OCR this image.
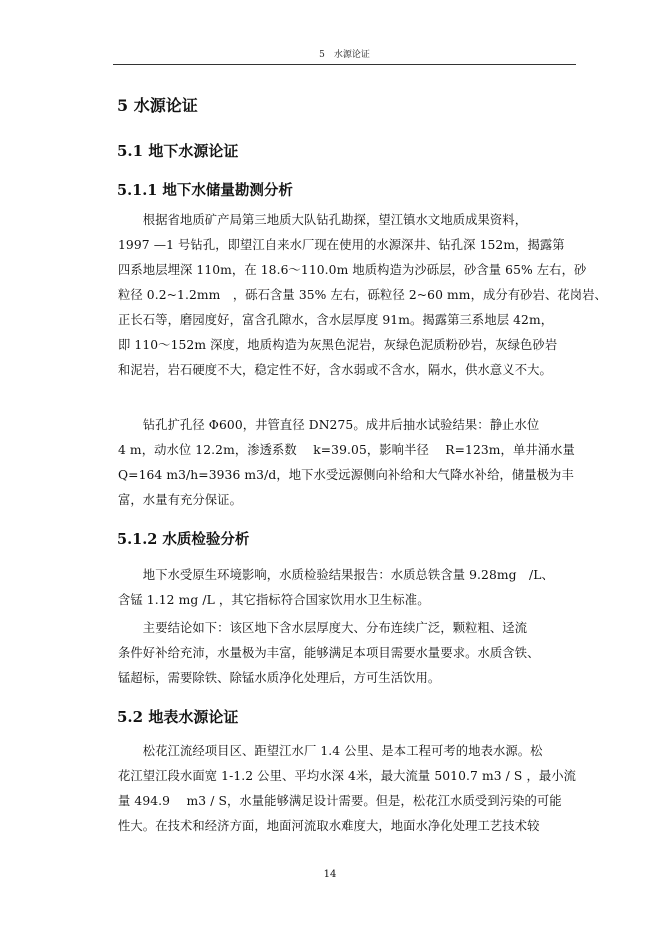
5　水源论证
5 水源论证
5.1 地下水源论证
5.1.1 地下水储量勘测分析
　　根据省地质矿产局第三地质大队钻孔勘探，望江镇水文地质成果资料，
1997 —1 号钻孔，即望江自来水厂现在使用的水源深井、钻孔深 152m，揭露第
四系地层埋深 110m，在 18.6～110.0m 地质构造为沙砾层，砂含量 65% 左右，砂
粒径 0.2~1.2mm　，砾石含量 35% 左右，砾粒径 2~60 mm，成分有砂岩、花岗岩、
正长石等，磨园度好，富含孔隙水，含水层厚度 91m。揭露第三系地层 42m，
即 110～152m 深度，地质构造为灰黑色泥岩，灰绿色泥质粉砂岩，灰绿色砂岩
和泥岩，岩石硬度不大，稳定性不好，含水弱或不含水，隔水，供水意义不大。
　　钻孔扩孔径 Φ600，井管直径 DN275。成井后抽水试验结果：静止水位
4 m，动水位 12.2m，渗透系数　 k=39.05，影响半径　 R=123m，单井涌水量
Q=164 m3/h=3936 m3/d，地下水受远源侧向补给和大气降水补给，储量极为丰
富，水量有充分保证。
5.1.2 水质检验分析
　　地下水受原生环境影响，水质检验结果报告：水质总铁含量 9.28mg　/L、
含锰 1.12 mg /L ，其它指标符合国家饮用水卫生标准。
　　主要结论如下：该区地下含水层厚度大、分布连续广泛，颗粒粗、迳流
条件好补给充沛，水量极为丰富，能够满足本项目需要水量要求。水质含铁、
锰超标，需要除铁、除锰水质净化处理后，方可生活饮用。
5.2 地表水源论证
　　松花江流经项目区、距望江水厂 1.4 公里、是本工程可考的地表水源。松
花江望江段水面宽 1-1.2 公里、平均水深 4米，最大流量 5010.7 m3 / S ，最小流
量 494.9　 m3 / S，水量能够满足设计需要。但是，松花江水质受到污染的可能
性大。在技术和经济方面，地面河流取水难度大，地面水净化处理工艺技术较
14
